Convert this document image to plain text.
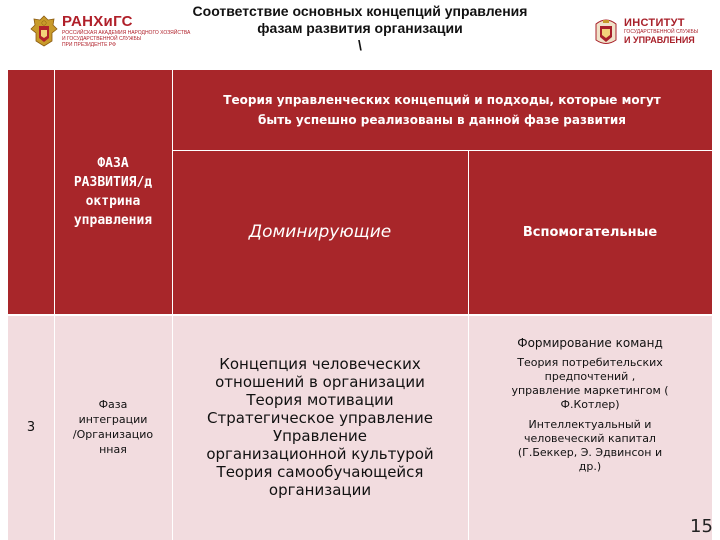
РАНХиГС
РОССИЙСКАЯ АКАДЕМИЯ НАРОДНОГО ХОЗЯЙСТВА
И ГОСУДАРСТВЕННОЙ СЛУЖБЫ
ПРИ ПРЕЗИДЕНТЕ РФ
Соответствие основных концепций управления
фазам развития организации
\
ИНСТИТУТ
ГОСУДАРСТВЕННОЙ СЛУЖБЫ
И УПРАВЛЕНИЯ
ФАЗА
РАЗВИТИЯ/д
октрина
управления
Теория управленческих концепций и подходы, которые могут
быть успешно реализованы в данной фазе развития
Доминирующие	Вспомогательные
3
Фаза
интеграции
/Организацио
нная
Концепция человеческих
отношений в организации
Теория мотивации
Стратегическое управление
Управление
организационной культурой
Теория самообучающейся
организации
Формирование команд
Теория потребительских
предпочтений ,
управление маркетингом (
Ф.Котлер)
Интеллектуальный и
человеческий капитал
(Г.Беккер, Э. Эдвинсон и
др.)
15
